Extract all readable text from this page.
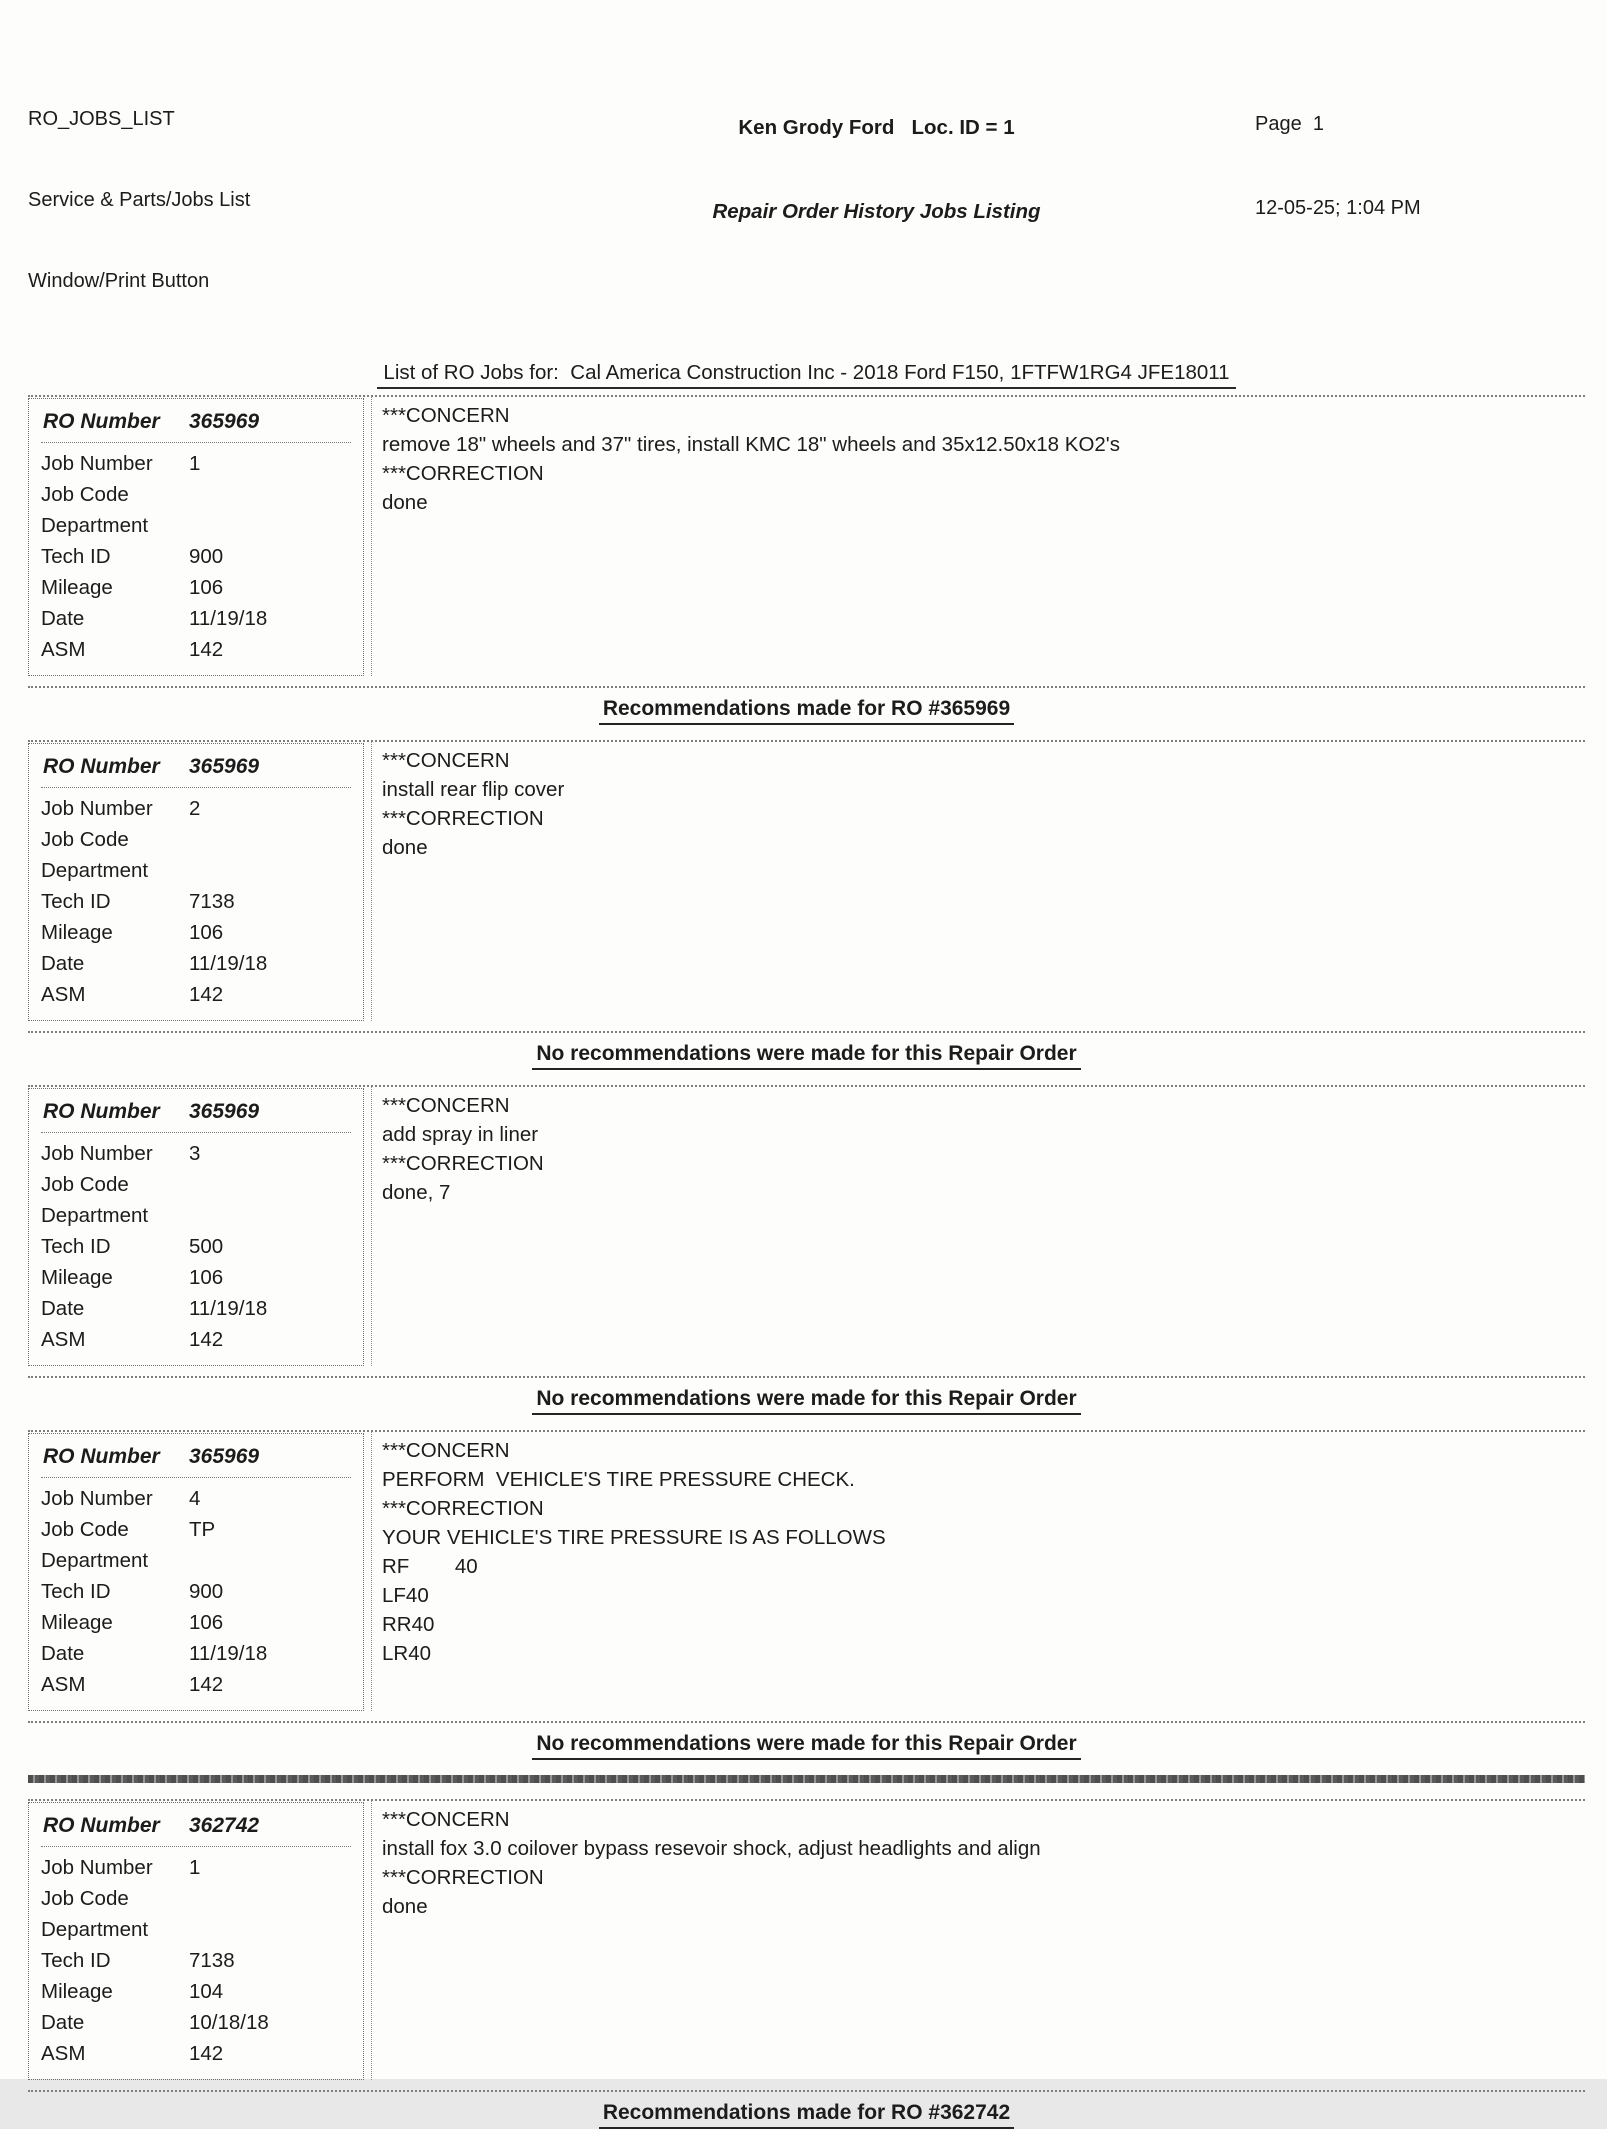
RO_JOBS_LIST

Service & Parts/Jobs List

Window/Print Button

Ken Grody Ford   Loc. ID = 1

Repair Order History Jobs Listing

Page  1

12-05-25; 1:04 PM

List of RO Jobs for:  Cal America Construction Inc - 2018 Ford F150, 1FTFW1RG4 JFE18011
RO Number	365969
Job Number	1
Job Code
Department
Tech ID	900
Mileage	106
Date	11/19/18
ASM	142
***CONCERN
remove 18" wheels and 37" tires, install KMC 18" wheels and 35x12.50x18 KO2's
***CORRECTION
done
Recommendations made for RO #365969
RO Number	365969
Job Number	2
Job Code
Department
Tech ID	7138
Mileage	106
Date	11/19/18
ASM	142
***CONCERN
install rear flip cover
***CORRECTION
done
No recommendations were made for this Repair Order
RO Number	365969
Job Number	3
Job Code
Department
Tech ID	500
Mileage	106
Date	11/19/18
ASM	142
***CONCERN
add spray in liner
***CORRECTION
done, 7
No recommendations were made for this Repair Order
RO Number	365969
Job Number	4
Job Code	TP
Department
Tech ID	900
Mileage	106
Date	11/19/18
ASM	142
***CONCERN
PERFORM  VEHICLE'S TIRE PRESSURE CHECK.
***CORRECTION
YOUR VEHICLE'S TIRE PRESSURE IS AS FOLLOWS
RF        40
LF40
RR40
LR40
No recommendations were made for this Repair Order
RO Number	362742
Job Number	1
Job Code
Department
Tech ID	7138
Mileage	104
Date	10/18/18
ASM	142
***CONCERN
install fox 3.0 coilover bypass resevoir shock, adjust headlights and align
***CORRECTION
done
Recommendations made for RO #362742
